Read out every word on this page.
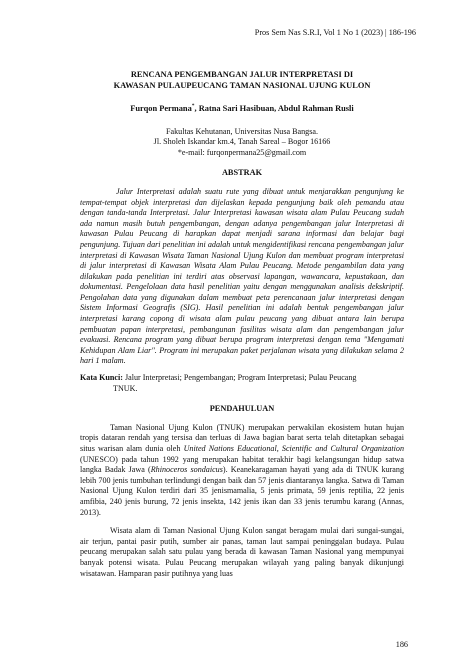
Pros Sem Nas S.R.I, Vol 1 No 1 (2023) | 186-196
RENCANA PENGEMBANGAN JALUR INTERPRETASI DI
KAWASAN PULAUPEUCANG TAMAN NASIONAL UJUNG KULON
Furqon Permana*, Ratna Sari Hasibuan, Abdul Rahman Rusli
Fakultas Kehutanan, Universitas Nusa Bangsa.
Jl. Sholeh Iskandar km.4, Tanah Sareal – Bogor 16166
*e-mail: furqonpermana25@gmail.com
ABSTRAK

Jalur Interpretasi adalah suatu rute yang dibuat untuk menjarakkan pengunjung ke tempat-tempat objek interpretasi dan dijelaskan kepada pengunjung baik oleh pemandu atau dengan tanda-tanda Interpretasi. Jalur Interpretasi kawasan wisata alam Pulau Peucang sudah ada namun masih butuh pengembangan, dengan adanya pengembangan jalur Interpretasi di kawasan Pulau Peucang di harapkan dapat menjadi sarana informasi dan belajar bagi pengunjung. Tujuan dari penelitian ini adalah untuk mengidentifikasi rencana pengembangan jalur interpretasi di Kawasan Wisata Taman Nasional Ujung Kulon dan membuat program interpretasi di jalur interpretasi di Kawasan Wisata Alam Pulau Peucang. Metode pengambilan data yang dilakukan pada penelitian ini terdiri atas observasi lapangan, wawancara, kepustakaan, dan dokumentasi. Pengelolaan data hasil penelitian yaitu dengan menggunakan analisis dekskriptif. Pengolahan data yang digunakan dalam membuat peta perencanaan jalur interpretasi dengan Sistem Informasi Geografis (SIG). Hasil penelitian ini adalah bentuk pengembangan jalur interpretasi karang copong di wisata alam pulau peucang yang dibuat antara lain berupa pembuatan papan interpretasi, pembangunan fasilitas wisata alam dan pengembangan jalur evakuasi. Rencana program yang dibuat berupa program interpretasi dengan tema "Mengamati Kehidupan Alam Liar". Program ini merupakan paket perjalanan wisata yang dilakukan selama 2 hari 1 malam.

Kata Kunci: Jalur Interpretasi; Pengembangan; Program Interpretasi; Pulau Peucang
TNUK.
PENDAHULUAN

Taman Nasional Ujung Kulon (TNUK) merupakan perwakilan ekosistem hutan hujan tropis dataran rendah yang tersisa dan terluas di Jawa bagian barat serta telah ditetapkan sebagai situs warisan alam dunia oleh United Nations Educational, Scientific and Cultural Organization (UNESCO) pada tahun 1992 yang merupakan habitat terakhir bagi kelangsungan hidup satwa langka Badak Jawa (Rhinoceros sondaicus). Keanekaragaman hayati yang ada di TNUK kurang lebih 700 jenis tumbuhan terlindungi dengan baik dan 57 jenis diantaranya langka. Satwa di Taman Nasional Ujung Kulon terdiri dari 35 jenismamalia, 5 jenis primata, 59 jenis reptilia, 22 jenis amfibia, 240 jenis burung, 72 jenis insekta, 142 jenis ikan dan 33 jenis terumbu karang (Annas, 2013).

Wisata alam di Taman Nasional Ujung Kulon sangat beragam mulai dari sungai-sungai, air terjun, pantai pasir putih, sumber air panas, taman laut sampai peninggalan budaya. Pulau peucang merupakan salah satu pulau yang berada di kawasan Taman Nasional yang mempunyai banyak potensi wisata. Pulau Peucang merupakan wilayah yang paling banyak dikunjungi wisatawan. Hamparan pasir putihnya yang luas

186
